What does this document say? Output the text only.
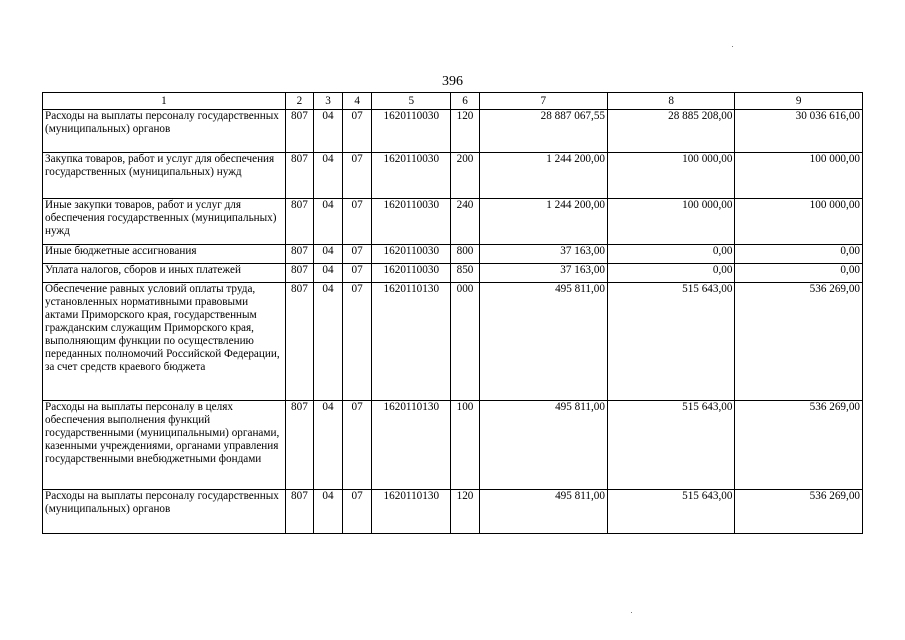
396
1	2	3	4	5	6	7	8	9
Расходы на выплаты персоналу государственных (муниципальных) органов	807	04	07	1620110030	120	28 887 067,55	28 885 208,00	30 036 616,00
Закупка товаров, работ и услуг для обеспечения государственных (муниципальных) нужд	807	04	07	1620110030	200	1 244 200,00	100 000,00	100 000,00
Иные закупки товаров, работ и услуг для обеспечения государственных (муниципальных) нужд	807	04	07	1620110030	240	1 244 200,00	100 000,00	100 000,00
Иные бюджетные ассигнования	807	04	07	1620110030	800	37 163,00	0,00	0,00
Уплата налогов, сборов и иных платежей	807	04	07	1620110030	850	37 163,00	0,00	0,00
Обеспечение равных условий оплаты труда, установленных нормативными правовыми актами Приморского края, государственным гражданским служащим Приморского края, выполняющим функции по осуществлению переданных полномочий Российской Федерации, за счет средств краевого бюджета	807	04	07	1620110130	000	495 811,00	515 643,00	536 269,00
Расходы на выплаты персоналу в целях обеспечения выполнения функций государственными (муниципальными) органами, казенными учреждениями, органами управления государственными внебюджетными фондами	807	04	07	1620110130	100	495 811,00	515 643,00	536 269,00
Расходы на выплаты персоналу государственных (муниципальных) органов	807	04	07	1620110130	120	495 811,00	515 643,00	536 269,00
